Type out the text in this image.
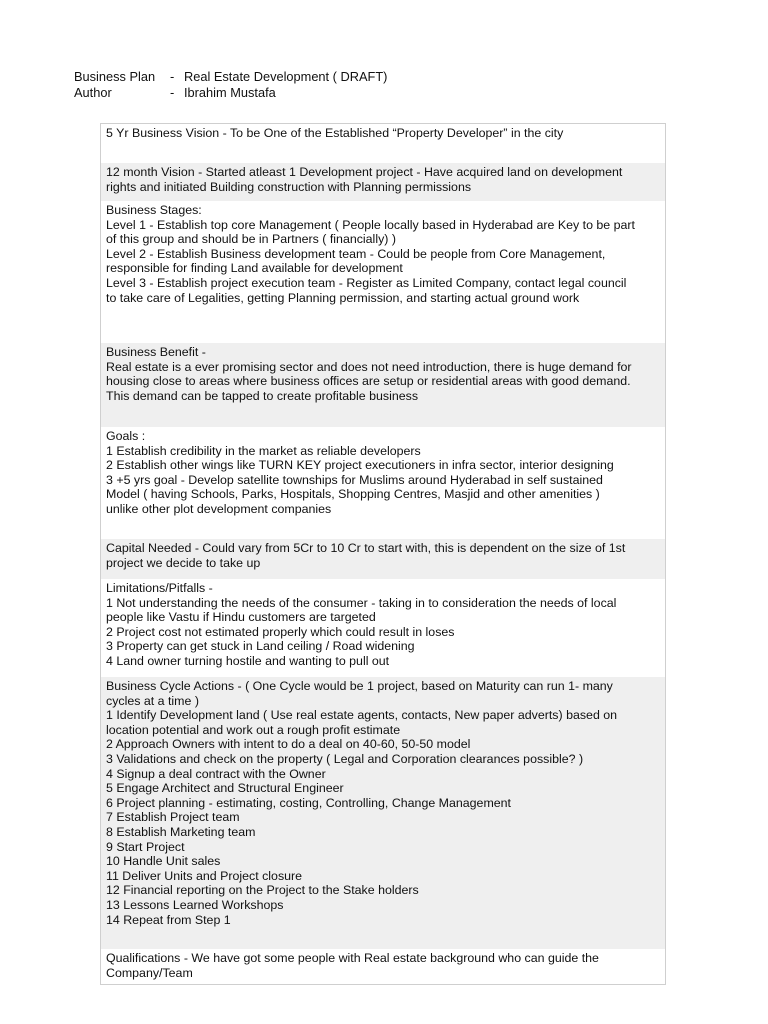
Business Plan	- Real Estate Development ( DRAFT)
Author	- Ibrahim Mustafa
5 Yr Business Vision - To be One of the Established “Property Developer” in the city
12 month Vision - Started atleast 1 Development project - Have acquired land on development
rights and initiated Building construction with Planning permissions
Business Stages:
Level 1 - Establish top core Management ( People locally based in Hyderabad are Key to be part
of this group and should be in Partners ( financially) )
Level 2 - Establish Business development team - Could be people from Core Management,
responsible for finding Land available for development
Level 3 - Establish project execution team - Register as Limited Company, contact legal council
to take care of Legalities, getting Planning permission, and starting actual ground work
Business Benefit -
Real estate is a ever promising sector and does not need introduction, there is huge demand for
housing close to areas where business offices are setup or residential areas with good demand.
This demand can be tapped to create profitable business
Goals :
1 Establish credibility in the market as reliable developers
2 Establish other wings like TURN KEY project executioners in infra sector, interior designing
3 +5 yrs goal - Develop satellite townships for Muslims around Hyderabad in self sustained
Model ( having Schools, Parks, Hospitals, Shopping Centres, Masjid and other amenities )
unlike other plot development companies
Capital Needed - Could vary from 5Cr to 10 Cr to start with, this is dependent on the size of 1st
project we decide to take up
Limitations/Pitfalls -
1 Not understanding the needs of the consumer - taking in to consideration the needs of local
people like Vastu if Hindu customers are targeted
2 Project cost not estimated properly which could result in loses
3 Property can get stuck in Land ceiling / Road widening
4 Land owner turning hostile and wanting to pull out
Business Cycle Actions - ( One Cycle would be 1 project, based on Maturity can run 1- many
cycles at a time )
1 Identify Development land ( Use real estate agents, contacts, New paper adverts) based on
location potential and work out a rough profit estimate
2 Approach Owners with intent to do a deal on 40-60, 50-50 model
3 Validations and check on the property ( Legal and Corporation clearances possible? )
4 Signup a deal contract with the Owner
5 Engage Architect and Structural Engineer
6 Project planning - estimating, costing, Controlling, Change Management
7 Establish Project team
8 Establish Marketing team
9 Start Project
10 Handle Unit sales
11 Deliver Units and Project closure
12 Financial reporting on the Project to the Stake holders
13 Lessons Learned Workshops
14 Repeat from Step 1
Qualifications - We have got some people with Real estate background who can guide the
Company/Team
